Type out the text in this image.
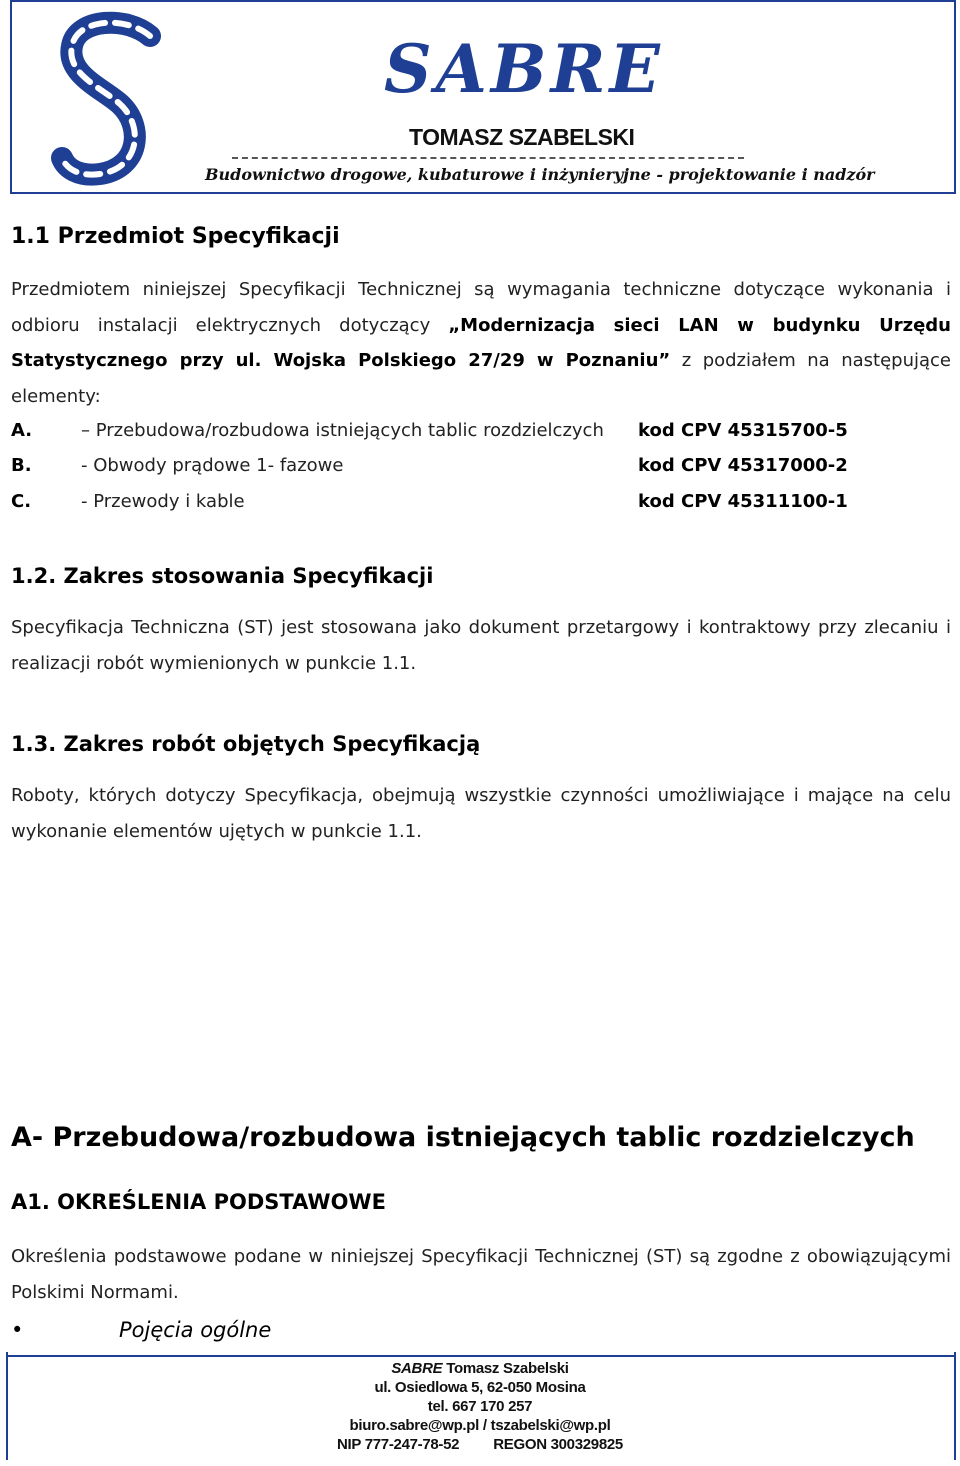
SABRE
TOMASZ SZABELSKI
Budownictwo drogowe, kubaturowe i inżynieryjne - projektowanie i nadzór
1.1 Przedmiot Specyfikacji
Przedmiotem niniejszej Specyfikacji Technicznej są wymagania techniczne dotyczące wykonania i odbioru instalacji elektrycznych dotyczący „Modernizacja sieci LAN w budynku Urzędu Statystycznego przy ul. Wojska Polskiego 27/29 w Poznaniu” z podziałem na następujące elementy:
A.	– Przebudowa/rozbudowa istniejących tablic rozdzielczych kod CPV 45315700-5
B.	- Obwody prądowe 1- fazowe	kod CPV 45317000-2
C.	- Przewody i kable	kod CPV 45311100-1
1.2. Zakres stosowania Specyfikacji
Specyfikacja Techniczna (ST) jest stosowana jako dokument przetargowy i kontraktowy przy zlecaniu i realizacji robót wymienionych w punkcie 1.1.
1.3. Zakres robót objętych Specyfikacją
Roboty, których dotyczy Specyfikacja, obejmują wszystkie czynności umożliwiające i mające na celu wykonanie elementów ujętych w punkcie 1.1.
A- Przebudowa/rozbudowa istniejących tablic rozdzielczych
A1. OKREŚLENIA PODSTAWOWE
Określenia podstawowe podane w niniejszej Specyfikacji Technicznej (ST) są zgodne z obowiązującymi Polskimi Normami.
•	Pojęcia ogólne
SABRE Tomasz Szabelski
ul. Osiedlowa 5, 62-050 Mosina
tel. 667 170 257
biuro.sabre@wp.pl / tszabelski@wp.pl
NIP 777-247-78-52 REGON 300329825
